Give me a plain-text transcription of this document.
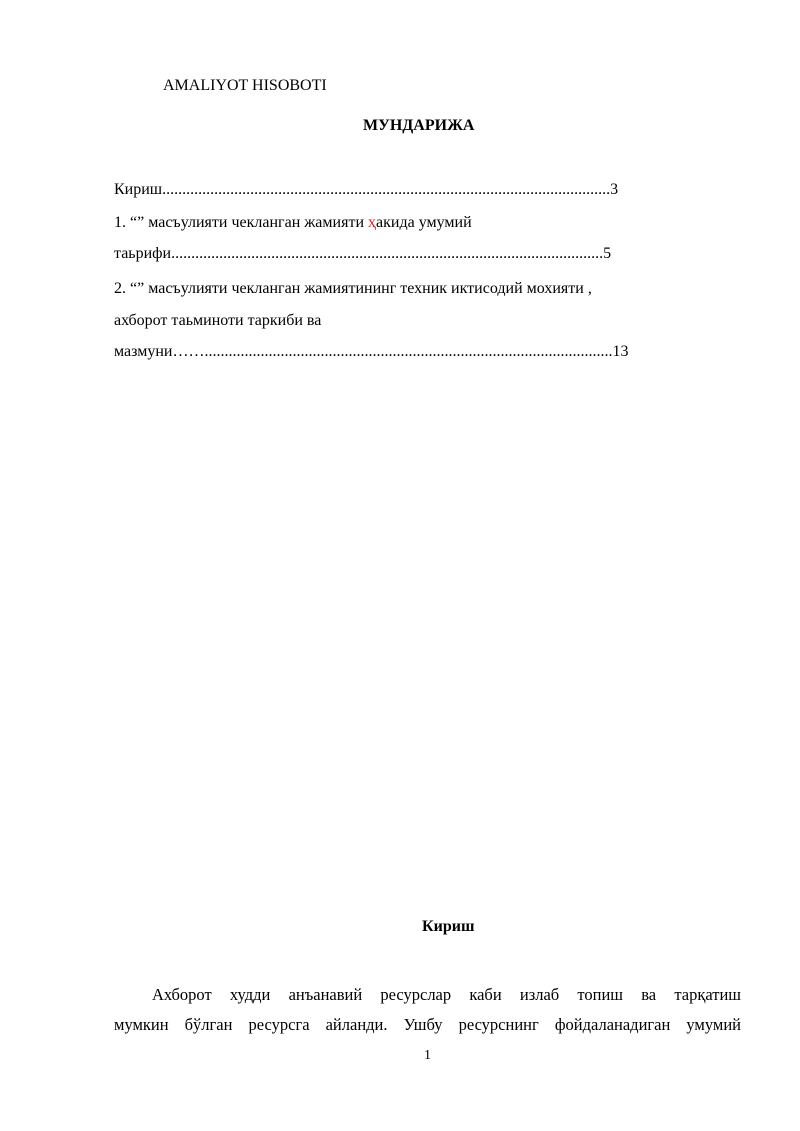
AMALIYOT HISOBOTI
МУНДАРИЖА
Кириш................................................................................................................3
1. “” масъулияти чекланган жамияти ҳакида умумий
таьрифи............................................................................................................5
2. “” масъулияти чекланган жамиятининг техник иктисодий мохияти ,
ахборот таьминоти таркиби ва
мазмуни……......................................................................................................13
Кириш
Ахборот худди анъанавий ресурслар каби излаб топиш ва тарқатиш
мумкин бўлган ресурсга айланди. Ушбу ресурснинг фойдаланадиган умумий
1
